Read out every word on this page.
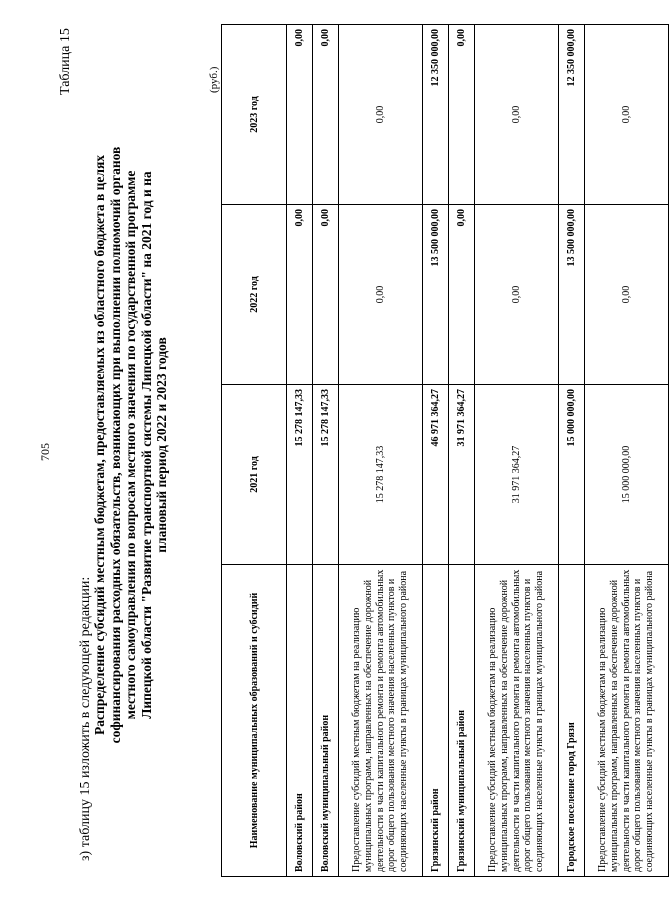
705
Таблица 15
з) таблицу 15 изложить в следующей редакции: Распределение субсидий местным бюджетам, предоставляемых из областного бюджета в целях софинансирования расходных обязательств, возникающих при выполнении полномочий органов местного самоуправления по вопросам местного значения по государственной программе Липецкой области "Развитие транспортной системы Липецкой области" на 2021 год и на плановый период 2022 и 2023 годов
(руб.)
Наименование муниципальных образований и субсидий	2021 год	2022 год	2023 год
Воловский район	15 278 147,33	0,00	0,00
Воловский муниципальный район	15 278 147,33	0,00	0,00
Предоставление субсидий местным бюджетам на реализацию муниципальных программ, направленных на обеспечение дорожной деятельности в части капитального ремонта и ремонта автомобильных дорог общего пользования местного значения населенных пунктов и соединяющих населенные пункты в границах муниципального района	15 278 147,33	0,00	0,00
Грязинский район	46 971 364,27	13 500 000,00	12 350 000,00
Грязинский муниципальный район	31 971 364,27	0,00	0,00
Предоставление субсидий местным бюджетам на реализацию муниципальных программ, направленных на обеспечение дорожной деятельности в части капитального ремонта и ремонта автомобильных дорог общего пользования местного значения населенных пунктов и соединяющих населенные пункты в границах муниципального района	31 971 364,27	0,00	0,00
Городское поселение город Грязи	15 000 000,00	13 500 000,00	12 350 000,00
Предоставление субсидий местным бюджетам на реализацию муниципальных программ, направленных на обеспечение дорожной деятельности в части капитального ремонта и ремонта автомобильных дорог общего пользования местного значения населенных пунктов и соединяющих населенные пункты в границах муниципального района	15 000 000,00	0,00	0,00
